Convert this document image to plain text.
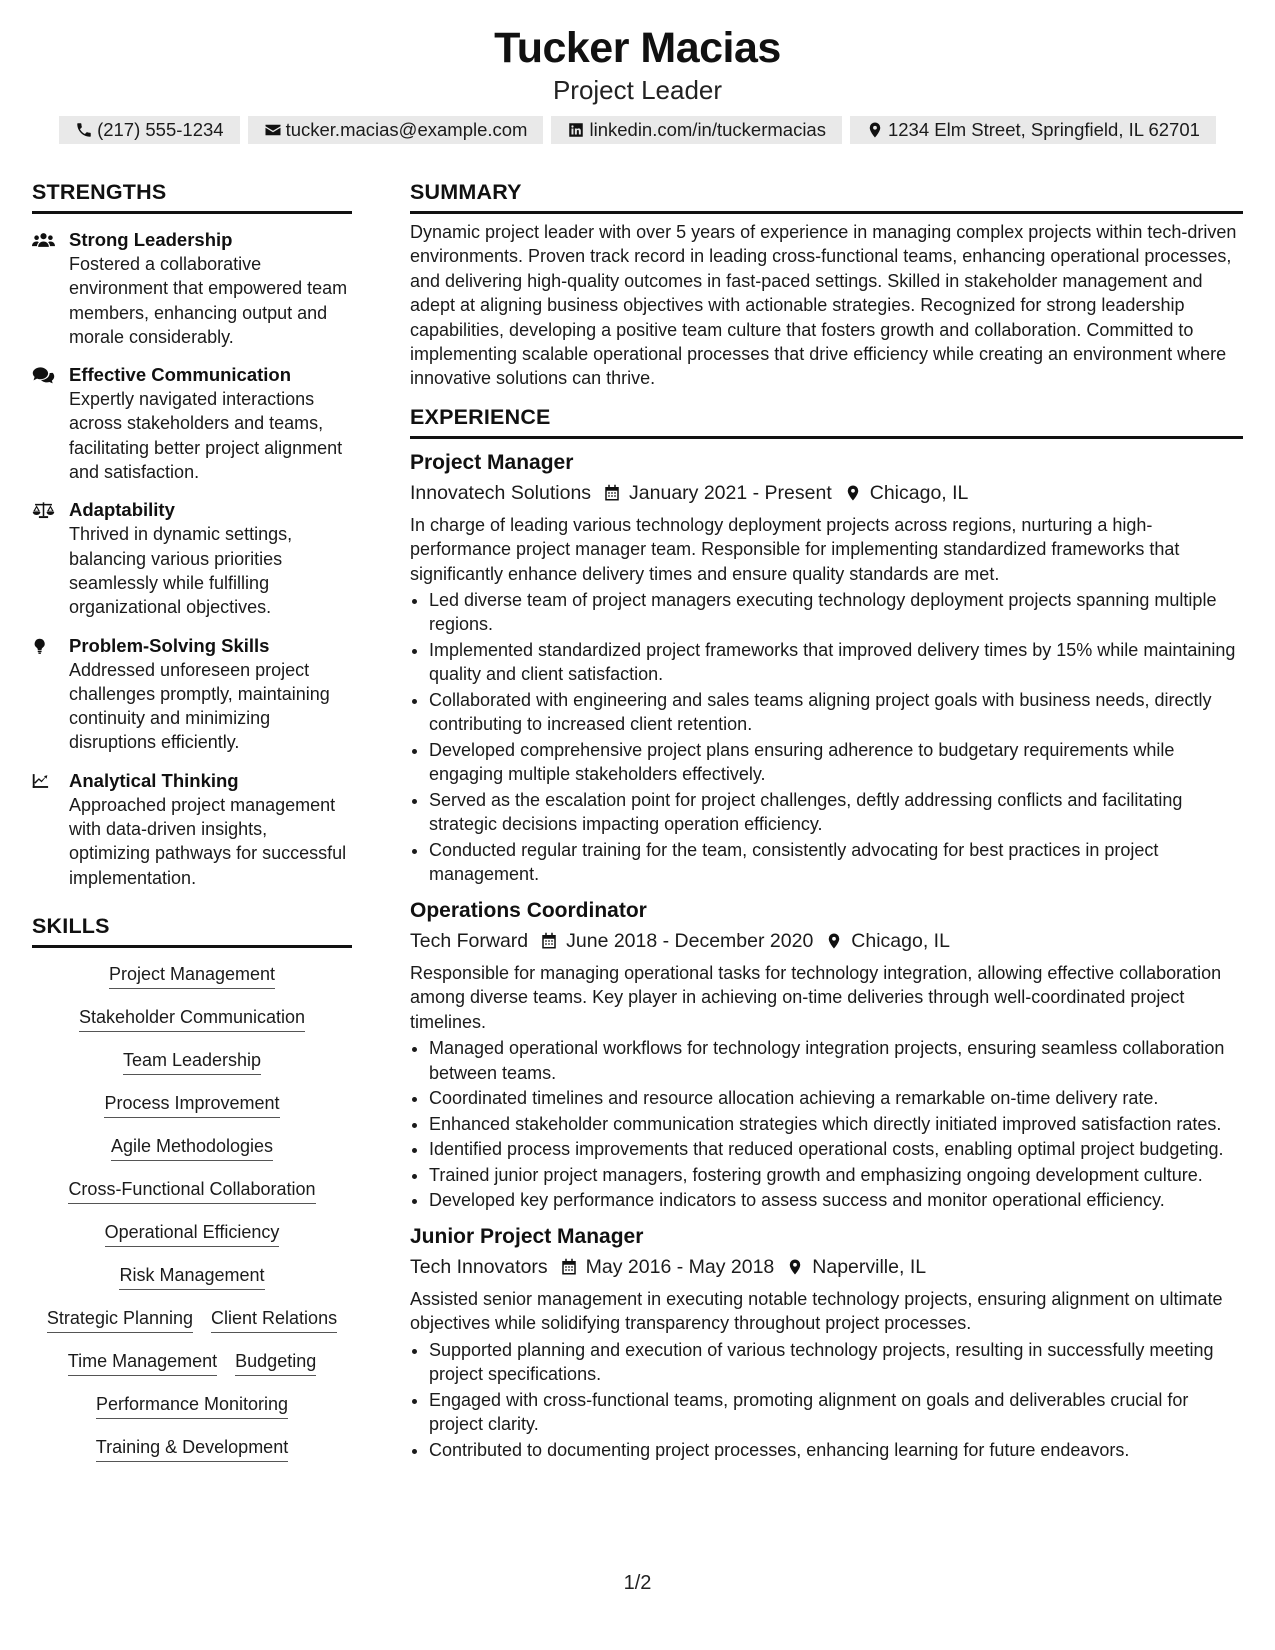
Tucker Macias
Project Leader
(217) 555-1234	tucker.macias@example.com	linkedin.com/in/tuckermacias	1234 Elm Street, Springfield, IL 62701
STRENGTHS
Strong Leadership
Fostered a collaborative environment that empowered team members, enhancing output and morale considerably.
Effective Communication
Expertly navigated interactions across stakeholders and teams, facilitating better project alignment and satisfaction.
Adaptability
Thrived in dynamic settings, balancing various priorities seamlessly while fulfilling organizational objectives.
Problem-Solving Skills
Addressed unforeseen project challenges promptly, maintaining continuity and minimizing disruptions efficiently.
Analytical Thinking
Approached project management with data-driven insights, optimizing pathways for successful implementation.
SKILLS
Project Management
Stakeholder Communication
Team Leadership
Process Improvement
Agile Methodologies
Cross-Functional Collaboration
Operational Efficiency
Risk Management
Strategic Planning Client Relations
Time Management Budgeting
Performance Monitoring
Training & Development
SUMMARY
Dynamic project leader with over 5 years of experience in managing complex projects within tech-driven environments. Proven track record in leading cross-functional teams, enhancing operational processes, and delivering high-quality outcomes in fast-paced settings. Skilled in stakeholder management and adept at aligning business objectives with actionable strategies. Recognized for strong leadership capabilities, developing a positive team culture that fosters growth and collaboration. Committed to implementing scalable operational processes that drive efficiency while creating an environment where innovative solutions can thrive.
EXPERIENCE
Project Manager
Innovatech Solutions January 2021 - Present Chicago, IL
In charge of leading various technology deployment projects across regions, nurturing a high-performance project manager team. Responsible for implementing standardized frameworks that significantly enhance delivery times and ensure quality standards are met.
• Led diverse team of project managers executing technology deployment projects spanning multiple regions.
• Implemented standardized project frameworks that improved delivery times by 15% while maintaining quality and client satisfaction.
• Collaborated with engineering and sales teams aligning project goals with business needs, directly contributing to increased client retention.
• Developed comprehensive project plans ensuring adherence to budgetary requirements while engaging multiple stakeholders effectively.
• Served as the escalation point for project challenges, deftly addressing conflicts and facilitating strategic decisions impacting operation efficiency.
• Conducted regular training for the team, consistently advocating for best practices in project management.
Operations Coordinator
Tech Forward June 2018 - December 2020 Chicago, IL
Responsible for managing operational tasks for technology integration, allowing effective collaboration among diverse teams. Key player in achieving on-time deliveries through well-coordinated project timelines.
• Managed operational workflows for technology integration projects, ensuring seamless collaboration between teams.
• Coordinated timelines and resource allocation achieving a remarkable on-time delivery rate.
• Enhanced stakeholder communication strategies which directly initiated improved satisfaction rates.
• Identified process improvements that reduced operational costs, enabling optimal project budgeting.
• Trained junior project managers, fostering growth and emphasizing ongoing development culture.
• Developed key performance indicators to assess success and monitor operational efficiency.
Junior Project Manager
Tech Innovators May 2016 - May 2018 Naperville, IL
Assisted senior management in executing notable technology projects, ensuring alignment on ultimate objectives while solidifying transparency throughout project processes.
• Supported planning and execution of various technology projects, resulting in successfully meeting project specifications.
• Engaged with cross-functional teams, promoting alignment on goals and deliverables crucial for project clarity.
• Contributed to documenting project processes, enhancing learning for future endeavors.
1/2
